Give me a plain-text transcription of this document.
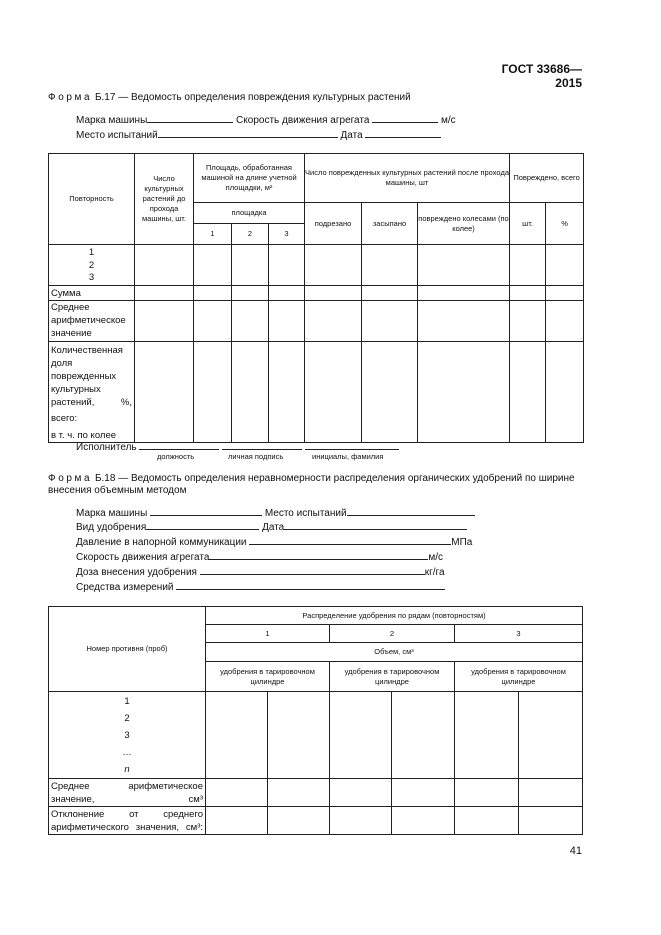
ГОСТ 33686—2015
Форма Б.17 — Ведомость определения повреждения культурных растений
Марка машины	Скорость движения агрегата	м/с
Место испытаний	Дата
Повторность	Число культурных растений до прохода машины, шт.	Площадь, обработанная машиной на длине учетной площадки, м²			Число поврежденных культурных растений после прохода машины, шт			Повреждено, всего	
		площадка			подрезано	засыпано	повреждено колесами (по колее)	шт.	%
		1	2	3					

1
2
3									

Сумма									

Среднее арифметическое значение									

Количественная доля поврежденных культурных растений, %,
всего:
в т. ч. по колее									

Исполнитель
должность	личная подпись	инициалы, фамилия
Форма Б.18 — Ведомость определения неравномерности распределения органических удобрений по ширине
внесения объемным методом
Марка машины	Место испытаний
Вид удобрения	Дата
Давление в напорной коммуникации	МПа
Скорость движения агрегата	м/с
Доза внесения удобрения	кг/га
Средства измерений
Номер противня (проб)	Распределение удобрения по рядам (повторностям)					
	1		2		3	
	Объем, см³					
	удобрения в тарировочном цилиндре		удобрения в тарировочном цилиндре		удобрения в тарировочном цилиндре	

1
2
3
…
n						

Среднее арифметическое значение, см³						

Отклонение от среднего арифметического значения, см³:						

41
